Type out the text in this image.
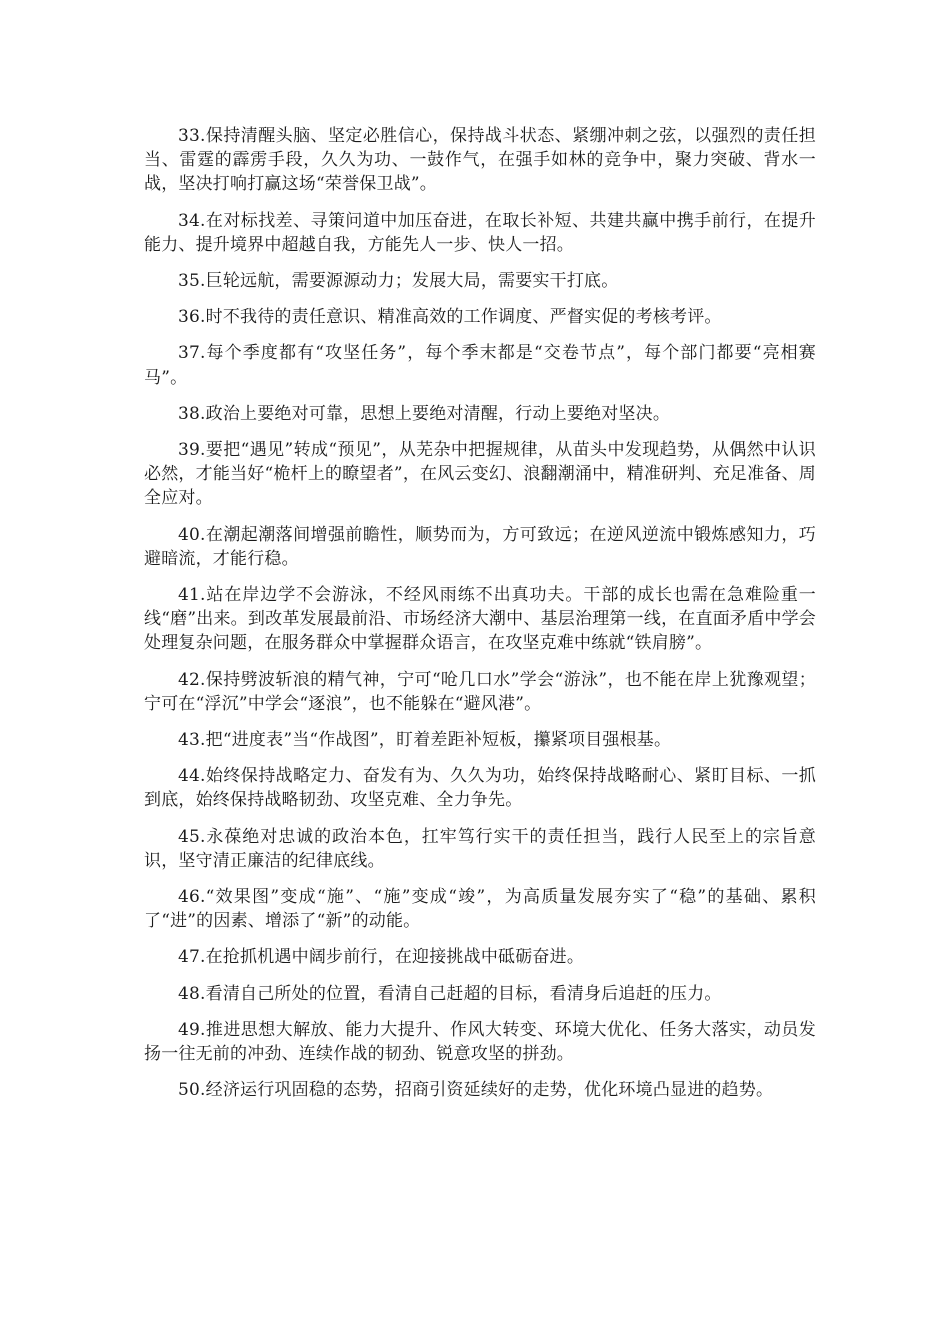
33.保持清醒头脑、坚定必胜信心，保持战斗状态、紧绷冲刺之弦，以强烈的责任担当、雷霆的霹雳手段，久久为功、一鼓作气，在强手如林的竞争中，聚力突破、背水一战，坚决打响打赢这场“荣誉保卫战”。

34.在对标找差、寻策问道中加压奋进，在取长补短、共建共赢中携手前行，在提升能力、提升境界中超越自我，方能先人一步、快人一招。

35.巨轮远航，需要源源动力；发展大局，需要实干打底。

36.时不我待的责任意识、精准高效的工作调度、严督实促的考核考评。

37.每个季度都有“攻坚任务”，每个季末都是“交卷节点”，每个部门都要“亮相赛马”。

38.政治上要绝对可靠，思想上要绝对清醒，行动上要绝对坚决。

39.要把“遇见”转成“预见”，从芜杂中把握规律，从苗头中发现趋势，从偶然中认识必然，才能当好“桅杆上的瞭望者”，在风云变幻、浪翻潮涌中，精准研判、充足准备、周全应对。

40.在潮起潮落间增强前瞻性，顺势而为，方可致远；在逆风逆流中锻炼感知力，巧避暗流，才能行稳。

41.站在岸边学不会游泳，不经风雨练不出真功夫。干部的成长也需在急难险重一线“磨”出来。到改革发展最前沿、市场经济大潮中、基层治理第一线，在直面矛盾中学会处理复杂问题，在服务群众中掌握群众语言，在攻坚克难中练就“铁肩膀”。

42.保持劈波斩浪的精气神，宁可“呛几口水”学会“游泳”，也不能在岸上犹豫观望；宁可在“浮沉”中学会“逐浪”，也不能躲在“避风港”。

43.把“进度表”当“作战图”，盯着差距补短板，攥紧项目强根基。

44.始终保持战略定力、奋发有为、久久为功，始终保持战略耐心、紧盯目标、一抓到底，始终保持战略韧劲、攻坚克难、全力争先。

45.永葆绝对忠诚的政治本色，扛牢笃行实干的责任担当，践行人民至上的宗旨意识，坚守清正廉洁的纪律底线。

46.“效果图”变成“施”、“施”变成“竣”，为高质量发展夯实了“稳”的基础、累积了“进”的因素、增添了“新”的动能。

47.在抢抓机遇中阔步前行，在迎接挑战中砥砺奋进。

48.看清自己所处的位置，看清自己赶超的目标，看清身后追赶的压力。

49.推进思想大解放、能力大提升、作风大转变、环境大优化、任务大落实，动员发扬一往无前的冲劲、连续作战的韧劲、锐意攻坚的拼劲。

50.经济运行巩固稳的态势，招商引资延续好的走势，优化环境凸显进的趋势。
